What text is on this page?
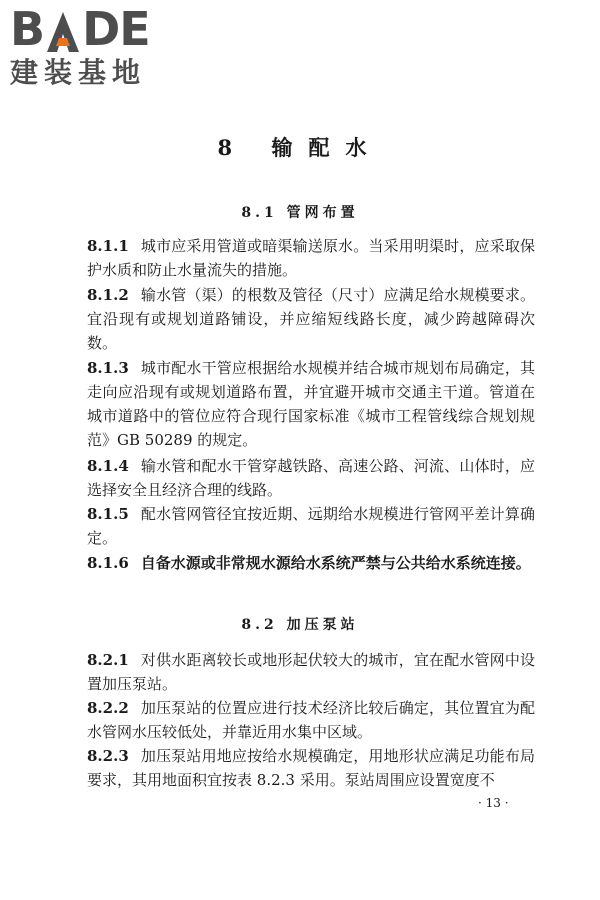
B DE
建装基地
8 输配水
8.1 管网布置
8.1.1 城市应采用管道或暗渠输送原水。当采用明渠时，应采取保护水质和防止水量流失的措施。
8.1.2 输水管（渠）的根数及管径（尺寸）应满足给水规模要求。宜沿现有或规划道路铺设，并应缩短线路长度，减少跨越障碍次数。
8.1.3 城市配水干管应根据给水规模并结合城市规划布局确定，其走向应沿现有或规划道路布置，并宜避开城市交通主干道。管道在城市道路中的管位应符合现行国家标准《城市工程管线综合规划规范》GB 50289 的规定。
8.1.4 输水管和配水干管穿越铁路、高速公路、河流、山体时，应选择安全且经济合理的线路。
8.1.5 配水管网管径宜按近期、远期给水规模进行管网平差计算确定。
8.1.6 自备水源或非常规水源给水系统严禁与公共给水系统连接。
8.2 加压泵站
8.2.1 对供水距离较长或地形起伏较大的城市，宜在配水管网中设置加压泵站。
8.2.2 加压泵站的位置应进行技术经济比较后确定，其位置宜为配水管网水压较低处，并靠近用水集中区域。
8.2.3 加压泵站用地应按给水规模确定，用地形状应满足功能布局要求，其用地面积宜按表 8.2.3 采用。泵站周围应设置宽度不
· 13 ·
